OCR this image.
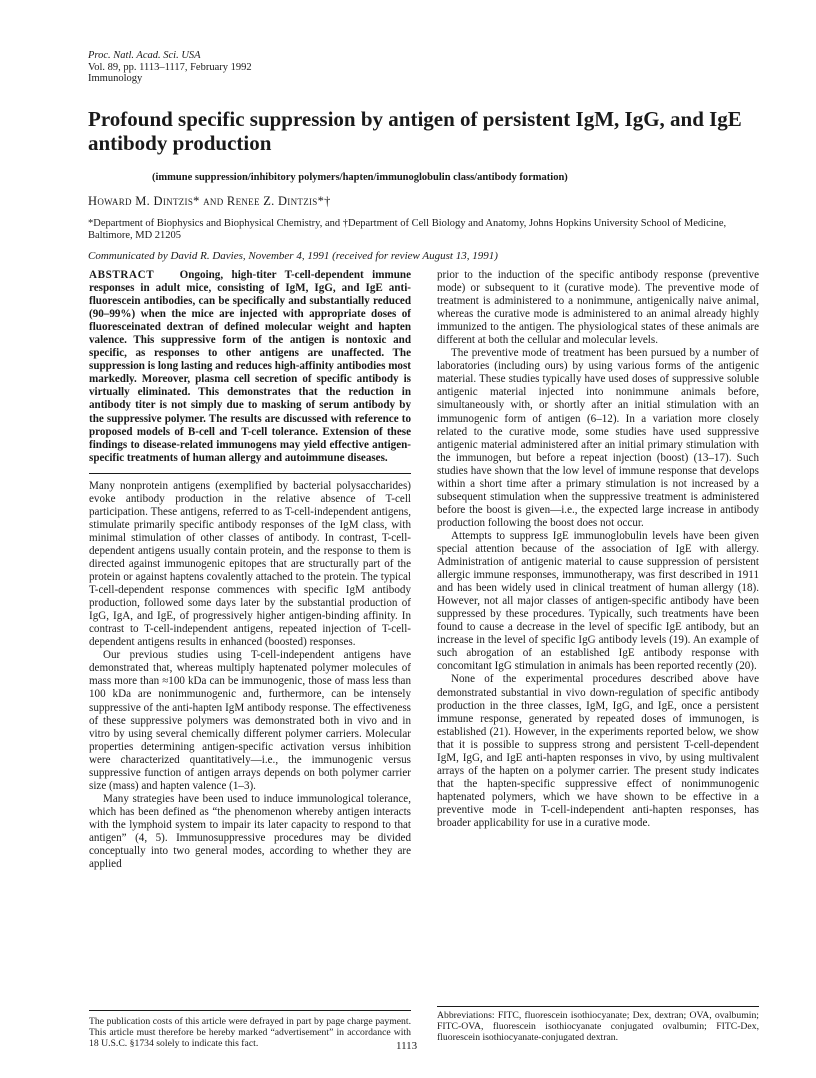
Proc. Natl. Acad. Sci. USA
Vol. 89, pp. 1113–1117, February 1992
Immunology
Profound specific suppression by antigen of persistent IgM, IgG, and IgE antibody production
(immune suppression/inhibitory polymers/hapten/immunoglobulin class/antibody formation)
Howard M. Dintzis* and Renee Z. Dintzis*†
*Department of Biophysics and Biophysical Chemistry, and †Department of Cell Biology and Anatomy, Johns Hopkins University School of Medicine, Baltimore, MD 21205
Communicated by David R. Davies, November 4, 1991 (received for review August 13, 1991)

ABSTRACT Ongoing, high-titer T-cell-dependent immune responses in adult mice, consisting of IgM, IgG, and IgE anti-fluorescein antibodies, can be specifically and substantially reduced (90–99%) when the mice are injected with appropriate doses of fluoresceinated dextran of defined molecular weight and hapten valence. This suppressive form of the antigen is nontoxic and specific, as responses to other antigens are unaffected. The suppression is long lasting and reduces high-affinity antibodies most markedly. Moreover, plasma cell secretion of specific antibody is virtually eliminated. This demonstrates that the reduction in antibody titer is not simply due to masking of serum antibody by the suppressive polymer. The results are discussed with reference to proposed models of B-cell and T-cell tolerance. Extension of these findings to disease-related immunogens may yield effective antigen-specific treatments of human allergy and autoimmune diseases.

Many nonprotein antigens (exemplified by bacterial polysaccharides) evoke antibody production in the relative absence of T-cell participation. These antigens, referred to as T-cell-independent antigens, stimulate primarily specific antibody responses of the IgM class, with minimal stimulation of other classes of antibody. In contrast, T-cell-dependent antigens usually contain protein, and the response to them is directed against immunogenic epitopes that are structurally part of the protein or against haptens covalently attached to the protein. The typical T-cell-dependent response commences with specific IgM antibody production, followed some days later by the substantial production of IgG, IgA, and IgE, of progressively higher antigen-binding affinity. In contrast to T-cell-independent antigens, repeated injection of T-cell-dependent antigens results in enhanced (boosted) responses.

Our previous studies using T-cell-independent antigens have demonstrated that, whereas multiply haptenated polymer molecules of mass more than ≈100 kDa can be immunogenic, those of mass less than 100 kDa are nonimmunogenic and, furthermore, can be intensely suppressive of the anti-hapten IgM antibody response. The effectiveness of these suppressive polymers was demonstrated both in vivo and in vitro by using several chemically different polymer carriers. Molecular properties determining antigen-specific activation versus inhibition were characterized quantitatively—i.e., the immunogenic versus suppressive function of antigen arrays depends on both polymer carrier size (mass) and hapten valence (1–3).

Many strategies have been used to induce immunological tolerance, which has been defined as “the phenomenon whereby antigen interacts with the lymphoid system to impair its later capacity to respond to that antigen” (4, 5). Immunosuppressive procedures may be divided conceptually into two general modes, according to whether they are applied

prior to the induction of the specific antibody response (preventive mode) or subsequent to it (curative mode). The preventive mode of treatment is administered to a nonimmune, antigenically naive animal, whereas the curative mode is administered to an animal already highly immunized to the antigen. The physiological states of these animals are different at both the cellular and molecular levels.

The preventive mode of treatment has been pursued by a number of laboratories (including ours) by using various forms of the antigenic material. These studies typically have used doses of suppressive soluble antigenic material injected into nonimmune animals before, simultaneously with, or shortly after an initial stimulation with an immunogenic form of antigen (6–12). In a variation more closely related to the curative mode, some studies have used suppressive antigenic material administered after an initial primary stimulation with the immunogen, but before a repeat injection (boost) (13–17). Such studies have shown that the low level of immune response that develops within a short time after a primary stimulation is not increased by a subsequent stimulation when the suppressive treatment is administered before the boost is given—i.e., the expected large increase in antibody production following the boost does not occur.

Attempts to suppress IgE immunoglobulin levels have been given special attention because of the association of IgE with allergy. Administration of antigenic material to cause suppression of persistent allergic immune responses, immunotherapy, was first described in 1911 and has been widely used in clinical treatment of human allergy (18). However, not all major classes of antigen-specific antibody have been suppressed by these procedures. Typically, such treatments have been found to cause a decrease in the level of specific IgE antibody, but an increase in the level of specific IgG antibody levels (19). An example of such abrogation of an established IgE antibody response with concomitant IgG stimulation in animals has been reported recently (20).

None of the experimental procedures described above have demonstrated substantial in vivo down-regulation of specific antibody production in the three classes, IgM, IgG, and IgE, once a persistent immune response, generated by repeated doses of immunogen, is established (21). However, in the experiments reported below, we show that it is possible to suppress strong and persistent T-cell-dependent IgM, IgG, and IgE anti-hapten responses in vivo, by using multivalent arrays of the hapten on a polymer carrier. The present study indicates that the hapten-specific suppressive effect of nonimmunogenic haptenated polymers, which we have shown to be effective in a preventive mode in T-cell-independent anti-hapten responses, has broader applicability for use in a curative mode.

The publication costs of this article were defrayed in part by page charge payment. This article must therefore be hereby marked “advertisement” in accordance with 18 U.S.C. §1734 solely to indicate this fact.
Abbreviations: FITC, fluorescein isothiocyanate; Dex, dextran; OVA, ovalbumin; FITC-OVA, fluorescein isothiocyanate conjugated ovalbumin; FITC-Dex, fluorescein isothiocyanate-conjugated dextran.
1113
